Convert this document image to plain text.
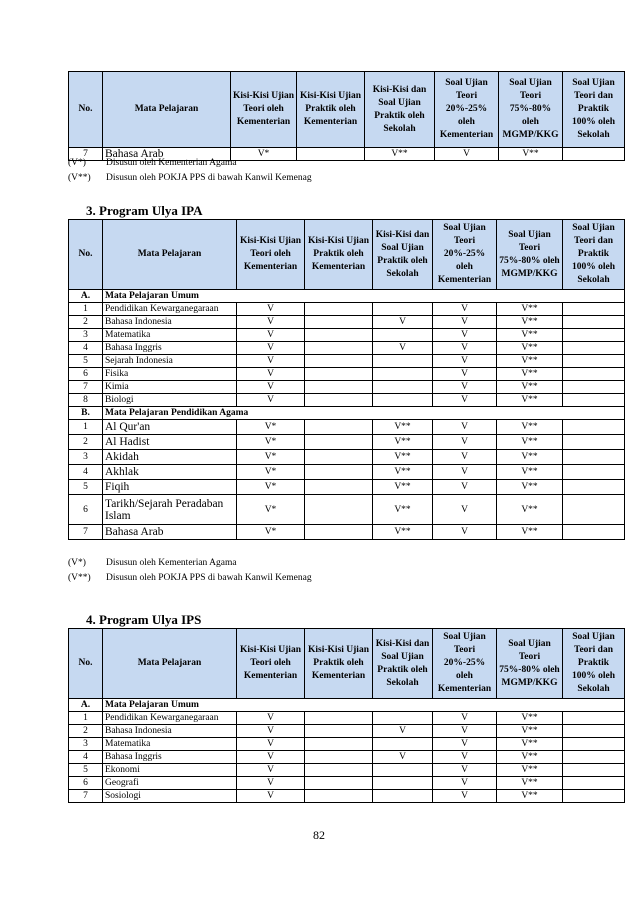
No.	Mata Pelajaran	Kisi-Kisi Ujian Teori oleh Kementerian	Kisi-Kisi Ujian Praktik oleh Kementerian	Kisi-Kisi dan Soal Ujian Praktik oleh Sekolah	Soal Ujian Teori 20%-25% oleh Kementerian	Soal Ujian Teori 75%-80% oleh MGMP/KKG	Soal Ujian Teori dan Praktik 100% oleh Sekolah
7	Bahasa Arab	V*		V**	V	V**	
(V*) Disusun oleh Kementerian Agama
(V**) Disusun oleh POKJA PPS di bawah Kanwil Kemenag
3. Program Ulya IPA
No.	Mata Pelajaran	Kisi-Kisi Ujian Teori oleh Kementerian	Kisi-Kisi Ujian Praktik oleh Kementerian	Kisi-Kisi dan Soal Ujian Praktik oleh Sekolah	Soal Ujian Teori 20%-25% oleh Kementerian	Soal Ujian Teori 75%-80% oleh MGMP/KKG	Soal Ujian Teori dan Praktik 100% oleh Sekolah
A.	Mata Pelajaran Umum						
1	Pendidikan Kewarganegaraan	V			V	V**	
2	Bahasa Indonesia	V		V	V	V**	
3	Matematika	V			V	V**	
4	Bahasa Inggris	V		V	V	V**	
5	Sejarah Indonesia	V			V	V**	
6	Fisika	V			V	V**	
7	Kimia	V			V	V**	
8	Biologi	V			V	V**	
B.	Mata Pelajaran Pendidikan Agama						
1	Al Qur'an	V*		V**	V	V**	
2	Al Hadist	V*		V**	V	V**	
3	Akidah	V*		V**	V	V**	
4	Akhlak	V*		V**	V	V**	
5	Fiqih	V*		V**	V	V**	
6	Tarikh/Sejarah Peradaban Islam	V*		V**	V	V**	
7	Bahasa Arab	V*		V**	V	V**	
(V*) Disusun oleh Kementerian Agama
(V**) Disusun oleh POKJA PPS di bawah Kanwil Kemenag
4. Program Ulya IPS
No.	Mata Pelajaran	Kisi-Kisi Ujian Teori oleh Kementerian	Kisi-Kisi Ujian Praktik oleh Kementerian	Kisi-Kisi dan Soal Ujian Praktik oleh Sekolah	Soal Ujian Teori 20%-25% oleh Kementerian	Soal Ujian Teori 75%-80% oleh MGMP/KKG	Soal Ujian Teori dan Praktik 100% oleh Sekolah
A.	Mata Pelajaran Umum						
1	Pendidikan Kewarganegaraan	V			V	V**	
2	Bahasa Indonesia	V		V	V	V**	
3	Matematika	V			V	V**	
4	Bahasa Inggris	V		V	V	V**	
5	Ekonomi	V			V	V**	
6	Geografi	V			V	V**	
7	Sosiologi	V			V	V**	
82
